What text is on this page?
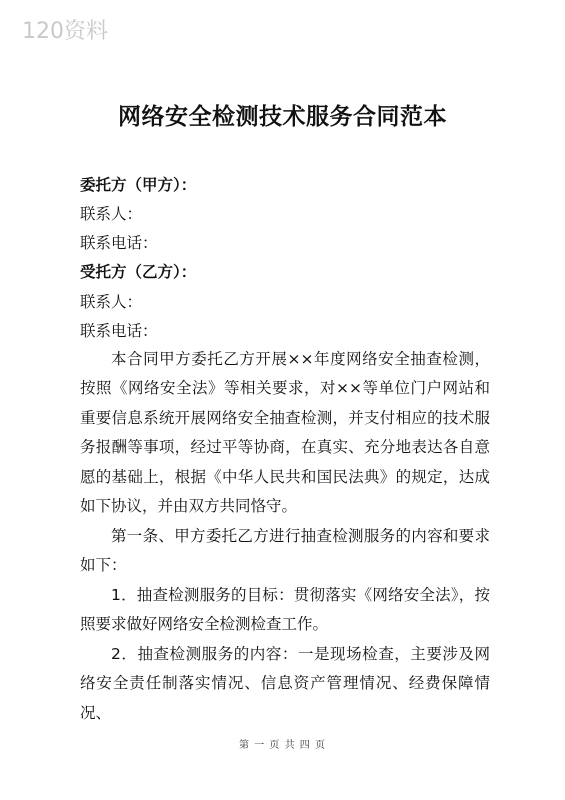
120资料
网络安全检测技术服务合同范本
委托方（甲方）：
联系人：
联系电话：
受托方（乙方）：
联系人：
联系电话：
本合同甲方委托乙方开展××年度网络安全抽查检测，按照《网络安全法》等相关要求，对××等单位门户网站和重要信息系统开展网络安全抽查检测，并支付相应的技术服务报酬等事项，经过平等协商，在真实、充分地表达各自意愿的基础上，根据《中华人民共和国民法典》的规定，达成如下协议，并由双方共同恪守。
第一条、甲方委托乙方进行抽查检测服务的内容和要求如下：
1．抽查检测服务的目标：贯彻落实《网络安全法》，按照要求做好网络安全检测检查工作。
2．抽查检测服务的内容：一是现场检查，主要涉及网络安全责任制落实情况、信息资产管理情况、经费保障情况、
第 一 页 共 四 页
